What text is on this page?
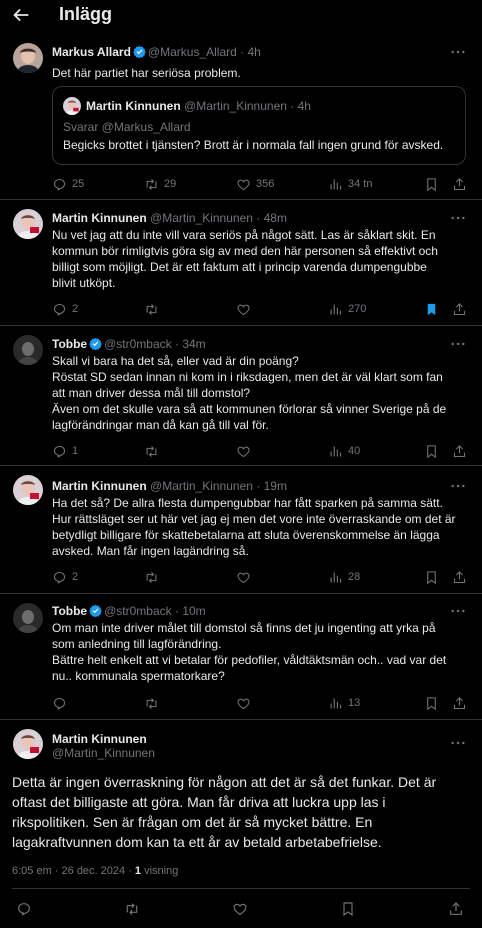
Inlägg
Markus Allard @Markus_Allard · 4h

Det här partiet har seriösa problem.

Martin Kinnunen @Martin_Kinnunen · 4h
Svarar @Markus_Allard
Begicks brottet i tjänsten? Brott är i normala fall ingen grund för avsked.
25	29	356	34 tn
Martin Kinnunen @Martin_Kinnunen · 48m

Nu vet jag att du inte vill vara seriös på något sätt. Las är såklart skit. En

kommun bör rimligtvis göra sig av med den här personen så effektivt och

billigt som möjligt. Det är ett faktum att i princip varenda dumpengubbe

blivit utköpt.

2	270
Tobbe @str0mback · 34m

Skall vi bara ha det så, eller vad är din poäng?

Röstat SD sedan innan ni kom in i riksdagen, men det är väl klart som fan

att man driver dessa mål till domstol?

Även om det skulle vara så att kommunen förlorar så vinner Sverige på de

lagförändringar man då kan gå till val för.

1	40
Martin Kinnunen @Martin_Kinnunen · 19m

Ha det så? De allra flesta dumpengubbar har fått sparken på samma sätt.

Hur rättsläget ser ut här vet jag ej men det vore inte överraskande om det är

betydligt billigare för skattebetalarna att sluta överenskommelse än lägga

avsked. Man får ingen lagändring så.

2	28
Tobbe @str0mback · 10m

Om man inte driver målet till domstol så finns det ju ingenting att yrka på

som anledning till lagförändring.

Bättre helt enkelt att vi betalar för pedofiler, våldtäktsmän och.. vad var det

nu.. kommunala spermatorkare?

13
Martin Kinnunen
@Martin_Kinnunen

Detta är ingen överraskning för någon att det är så det funkar. Det är

oftast det billigaste att göra. Man får driva att luckra upp las i

rikspolitiken. Sen är frågan om det är så mycket bättre. En

lagakraftvunnen dom kan ta ett år av betald arbetabefrielse.

6:05 em · 26 dec. 2024 · 1 visning
